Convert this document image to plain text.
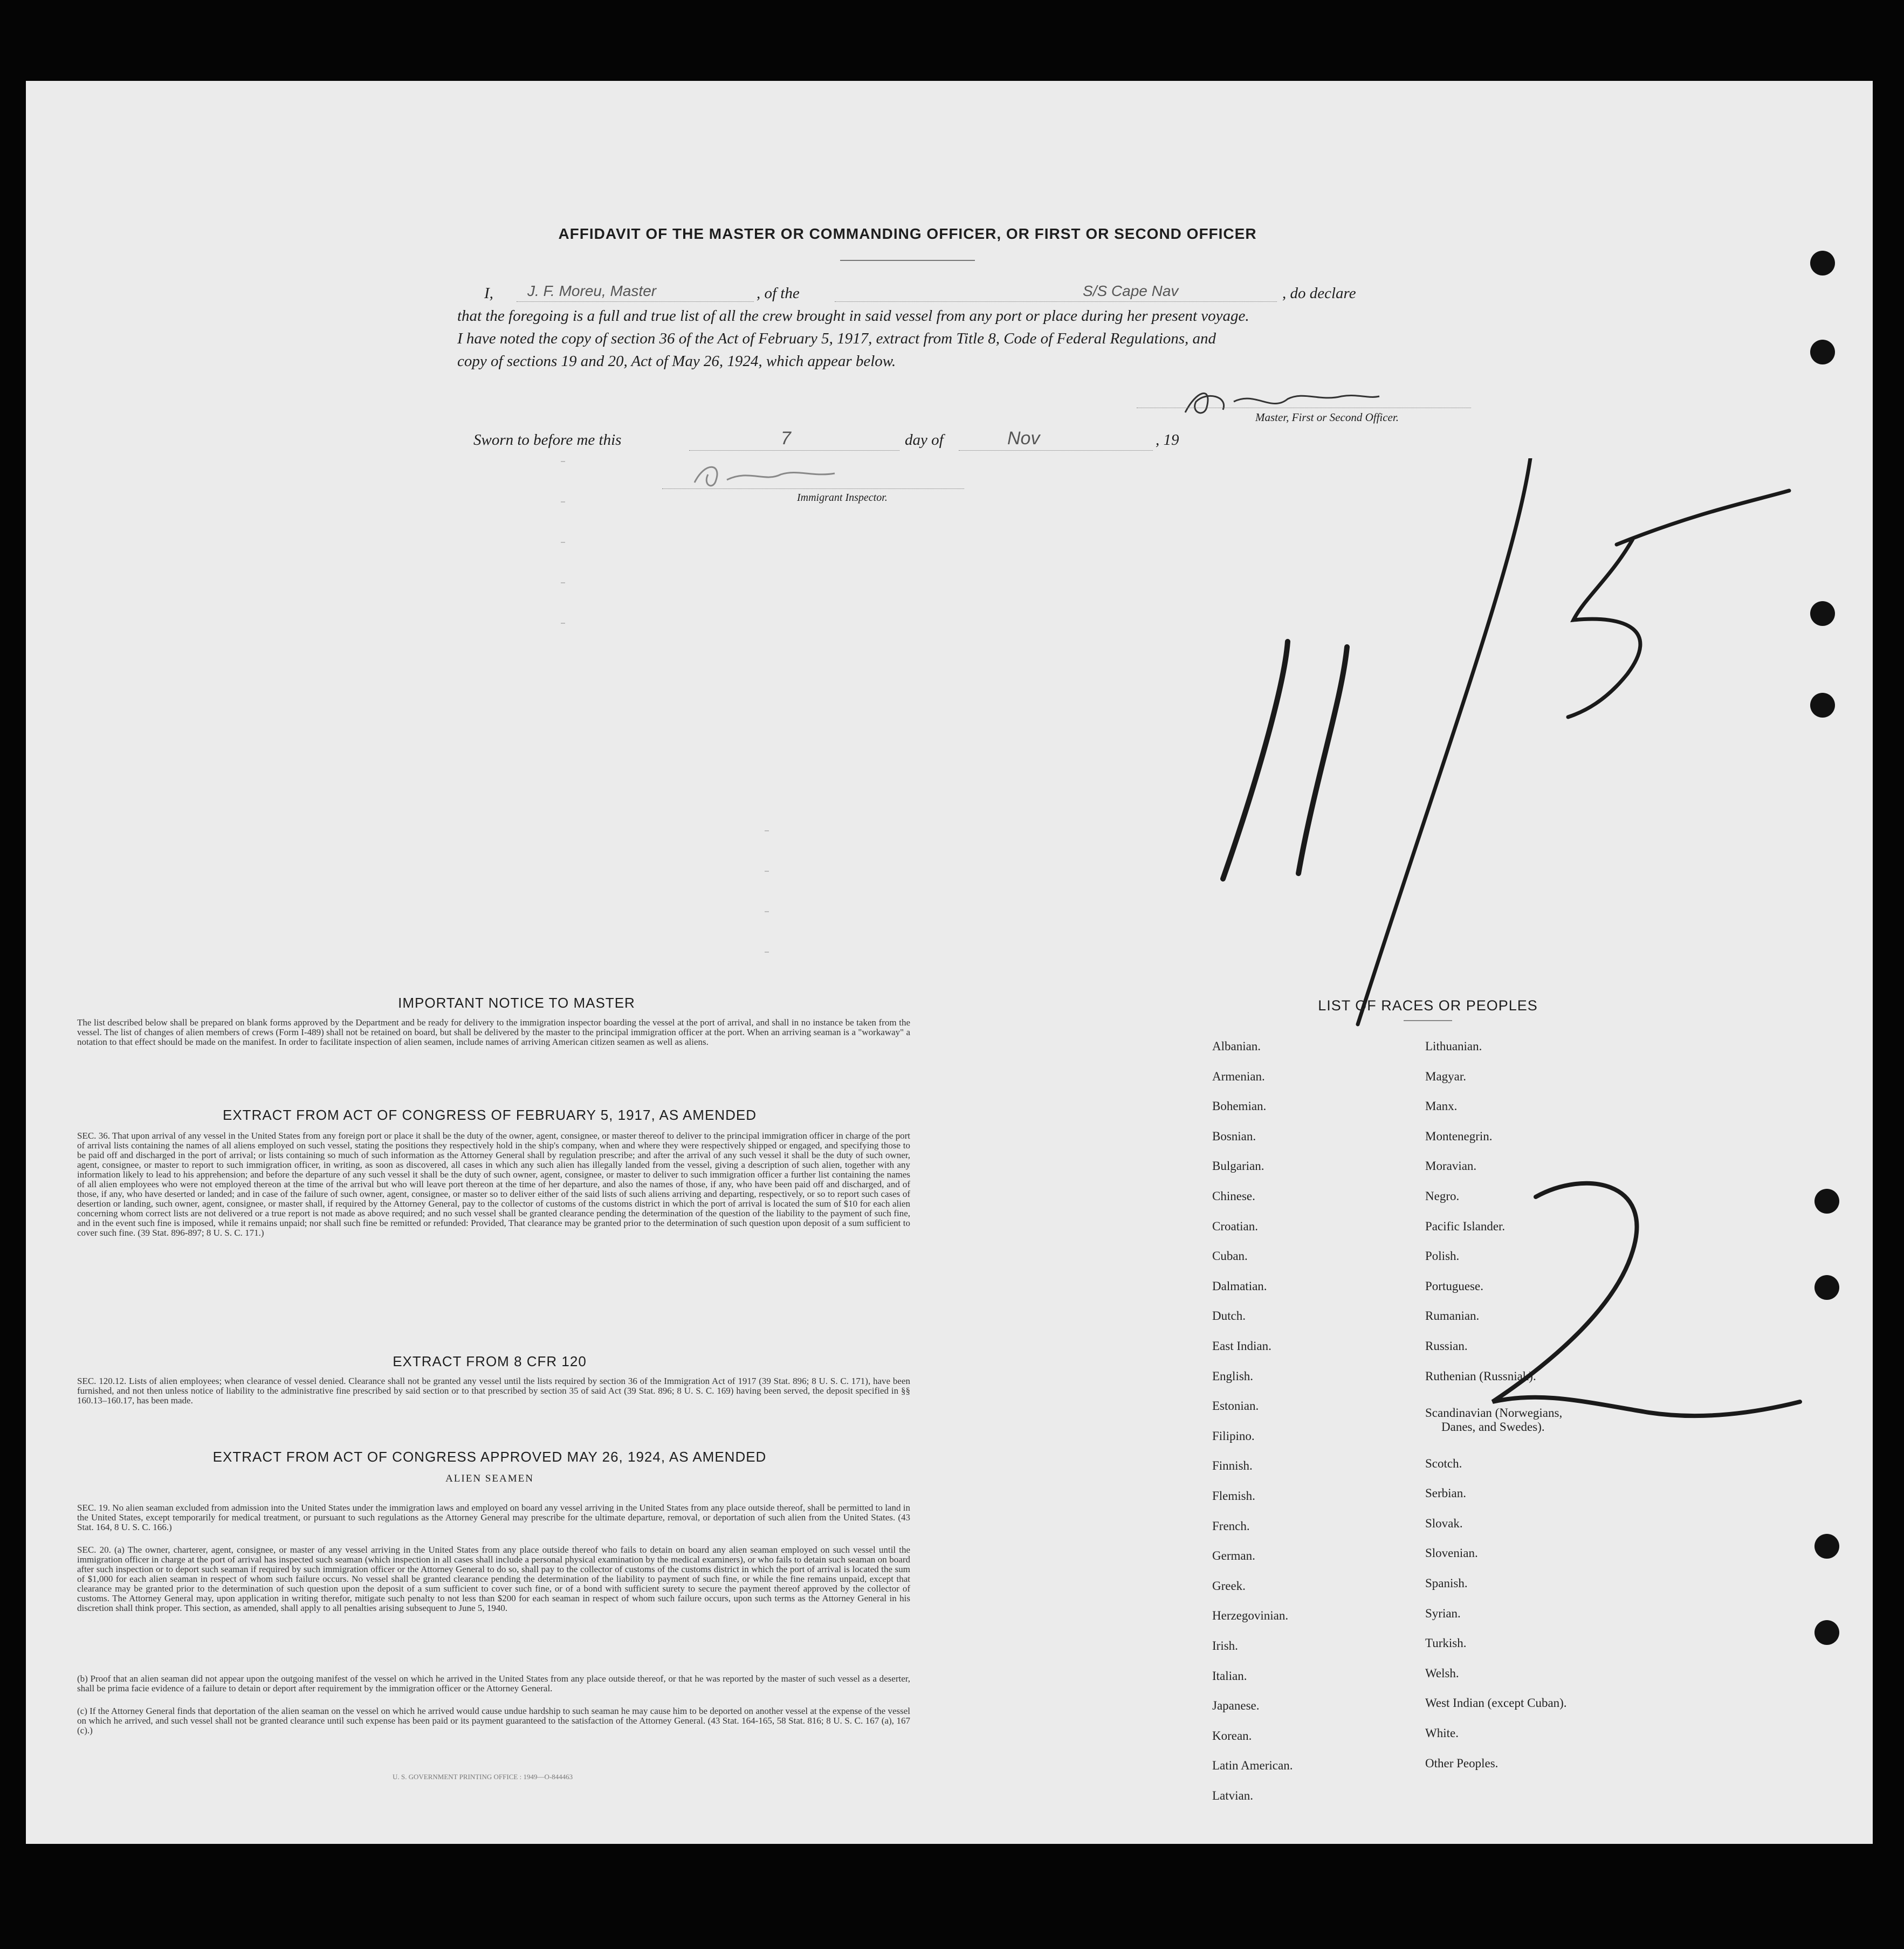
AFFIDAVIT OF THE MASTER OR COMMANDING OFFICER, OR FIRST OR SECOND OFFICER
I, J. F. Moreu, Master	, of the	S/S Cape Nav	, do declare
that the foregoing is a full and true list of all the crew brought in said vessel from any port or place during her present voyage.
I have noted the copy of section 36 of the Act of February 5, 1917, extract from Title 8, Code of Federal Regulations, and
copy of sections 19 and 20, Act of May 26, 1924, which appear below.
Master, First or Second Officer.
Sworn to before me this	7	day of	Nov	, 19
Immigrant Inspector.
IMPORTANT NOTICE TO MASTER
The list described below shall be prepared on blank forms approved by the Department and be ready for delivery to the immigration inspector boarding the vessel at the port of arrival, and shall in no instance be taken from the vessel. The list of changes of alien members of crews (Form I-489) shall not be retained on board, but shall be delivered by the master to the principal immigration officer at the port. When an arriving seaman is a "workaway" a notation to that effect should be made on the manifest. In order to facilitate inspection of alien seamen, include names of arriving American citizen seamen as well as aliens.
EXTRACT FROM ACT OF CONGRESS OF FEBRUARY 5, 1917, AS AMENDED
SEC. 36. That upon arrival of any vessel in the United States from any foreign port or place it shall be the duty of the owner, agent, consignee, or master thereof to deliver to the principal immigration officer in charge of the port of arrival lists containing the names of all aliens employed on such vessel, stating the positions they respectively hold in the ship's company, when and where they were respectively shipped or engaged, and specifying those to be paid off and discharged in the port of arrival; or lists containing so much of such information as the Attorney General shall by regulation prescribe; and after the arrival of any such vessel it shall be the duty of such owner, agent, consignee, or master to report to such immigration officer, in writing, as soon as discovered, all cases in which any such alien has illegally landed from the vessel, giving a description of such alien, together with any information likely to lead to his apprehension; and before the departure of any such vessel it shall be the duty of such owner, agent, consignee, or master to deliver to such immigration officer a further list containing the names of all alien employees who were not employed thereon at the time of the arrival but who will leave port thereon at the time of her departure, and also the names of those, if any, who have been paid off and discharged, and of those, if any, who have deserted or landed; and in case of the failure of such owner, agent, consignee, or master so to deliver either of the said lists of such aliens arriving and departing, respectively, or so to report such cases of desertion or landing, such owner, agent, consignee, or master shall, if required by the Attorney General, pay to the collector of customs of the customs district in which the port of arrival is located the sum of $10 for each alien concerning whom correct lists are not delivered or a true report is not made as above required; and no such vessel shall be granted clearance pending the determination of the question of the liability to the payment of such fine, and in the event such fine is imposed, while it remains unpaid; nor shall such fine be remitted or refunded: Provided, That clearance may be granted prior to the determination of such question upon deposit of a sum sufficient to cover such fine. (39 Stat. 896-897; 8 U. S. C. 171.)
EXTRACT FROM 8 CFR 120
SEC. 120.12. Lists of alien employees; when clearance of vessel denied. Clearance shall not be granted any vessel until the lists required by section 36 of the Immigration Act of 1917 (39 Stat. 896; 8 U. S. C. 171), have been furnished, and not then unless notice of liability to the administrative fine prescribed by said section or to that prescribed by section 35 of said Act (39 Stat. 896; 8 U. S. C. 169) having been served, the deposit specified in §§ 160.13–160.17, has been made.
EXTRACT FROM ACT OF CONGRESS APPROVED MAY 26, 1924, AS AMENDED
ALIEN SEAMEN
SEC. 19. No alien seaman excluded from admission into the United States under the immigration laws and employed on board any vessel arriving in the United States from any place outside thereof, shall be permitted to land in the United States, except temporarily for medical treatment, or pursuant to such regulations as the Attorney General may prescribe for the ultimate departure, removal, or deportation of such alien from the United States. (43 Stat. 164, 8 U. S. C. 166.)
SEC. 20. (a) The owner, charterer, agent, consignee, or master of any vessel arriving in the United States from any place outside thereof who fails to detain on board any alien seaman employed on such vessel until the immigration officer in charge at the port of arrival has inspected such seaman (which inspection in all cases shall include a personal physical examination by the medical examiners), or who fails to detain such seaman on board after such inspection or to deport such seaman if required by such immigration officer or the Attorney General to do so, shall pay to the collector of customs of the customs district in which the port of arrival is located the sum of $1,000 for each alien seaman in respect of whom such failure occurs. No vessel shall be granted clearance pending the determination of the liability to payment of such fine, or while the fine remains unpaid, except that clearance may be granted prior to the determination of such question upon the deposit of a sum sufficient to cover such fine, or of a bond with sufficient surety to secure the payment thereof approved by the collector of customs. The Attorney General may, upon application in writing therefor, mitigate such penalty to not less than $200 for each seaman in respect of whom such failure occurs, upon such terms as the Attorney General in his discretion shall think proper. This section, as amended, shall apply to all penalties arising subsequent to June 5, 1940.
(b) Proof that an alien seaman did not appear upon the outgoing manifest of the vessel on which he arrived in the United States from any place outside thereof, or that he was reported by the master of such vessel as a deserter, shall be prima facie evidence of a failure to detain or deport after requirement by the immigration officer or the Attorney General.
(c) If the Attorney General finds that deportation of the alien seaman on the vessel on which he arrived would cause undue hardship to such seaman he may cause him to be deported on another vessel at the expense of the vessel on which he arrived, and such vessel shall not be granted clearance until such expense has been paid or its payment guaranteed to the satisfaction of the Attorney General. (43 Stat. 164-165, 58 Stat. 816; 8 U. S. C. 167 (a), 167 (c).)
U. S. GOVERNMENT PRINTING OFFICE : 1949—O-844463
LIST OF RACES OR PEOPLES
Albanian.
Armenian.
Bohemian.
Bosnian.
Bulgarian.
Chinese.
Croatian.
Cuban.
Dalmatian.
Dutch.
East Indian.
English.
Estonian.
Filipino.
Finnish.
Flemish.
French.
German.
Greek.
Herzegovinian.
Irish.
Italian.
Japanese.
Korean.
Latin American.
Latvian.
Lithuanian.
Magyar.
Manx.
Montenegrin.
Moravian.
Negro.
Pacific Islander.
Polish.
Portuguese.
Rumanian.
Russian.
Ruthenian (Russniak).
Scandinavian (Norwegians,
Danes, and Swedes).
Scotch.
Serbian.
Slovak.
Slovenian.
Spanish.
Syrian.
Turkish.
Welsh.
West Indian (except Cuban).
White.
Other Peoples.
